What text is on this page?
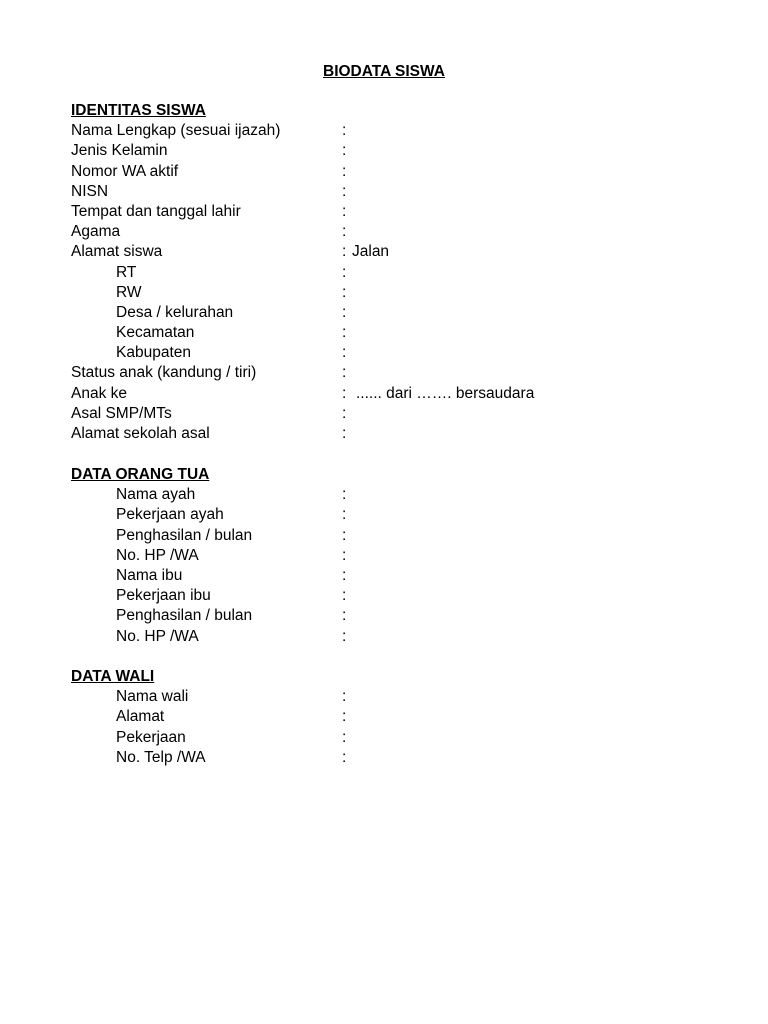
BIODATA SISWA
IDENTITAS SISWA
Nama Lengkap (sesuai ijazah)	:
Jenis Kelamin	:
Nomor WA aktif	:
NISN	:
Tempat dan tanggal lahir	:
Agama	:
Alamat siswa	: Jalan
RT	:
RW	:
Desa / kelurahan	:
Kecamatan	:
Kabupaten	:
Status anak (kandung / tiri)	:
Anak ke	: ...... dari ……. bersaudara
Asal SMP/MTs	:
Alamat sekolah asal	:
DATA ORANG TUA
Nama ayah	:
Pekerjaan ayah	:
Penghasilan / bulan	:
No. HP /WA	:
Nama ibu	:
Pekerjaan ibu	:
Penghasilan / bulan	:
No. HP /WA	:
DATA WALI
Nama wali	:
Alamat	:
Pekerjaan	:
No. Telp /WA	:
